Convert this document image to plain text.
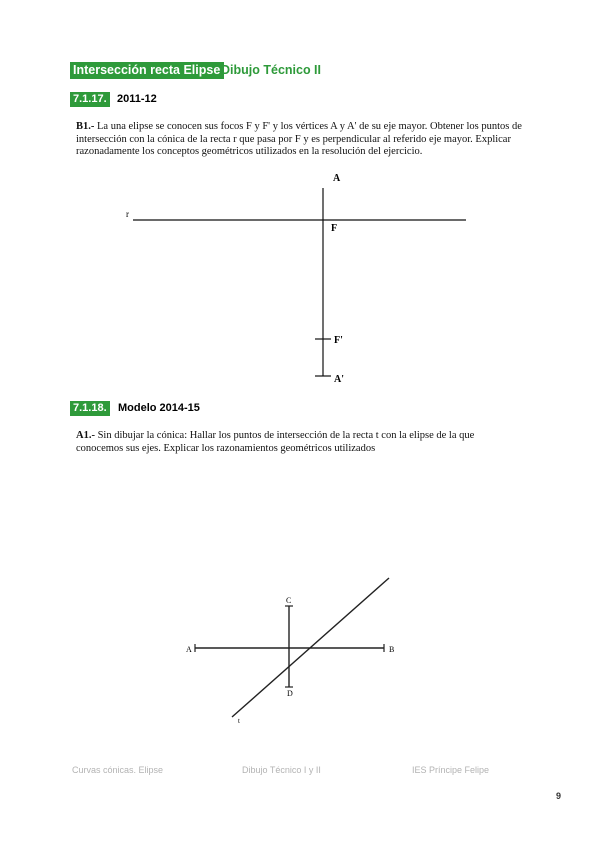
Intersección recta Elipse Dibujo Técnico II
7.1.17. 2011-12
B1.- La una elipse se conocen sus focos F y F' y los vértices A y A' de su eje mayor. Obtener los puntos de intersección con la cónica de la recta r que pasa por F y es perpendicular al referido eje mayor. Explicar razonadamente los conceptos geométricos utilizados en la resolución del ejercicio.
A
r
F
F'
A'
A	B
C
D
t
7.1.18. Modelo 2014-15
A1.- Sin dibujar la cónica: Hallar los puntos de intersección de la recta t con la elipse de la que conocemos sus ejes. Explicar los razonamientos geométricos utilizados
Curvas cónicas. Elipse	Dibujo Técnico I y II	IES Príncipe Felipe
9
